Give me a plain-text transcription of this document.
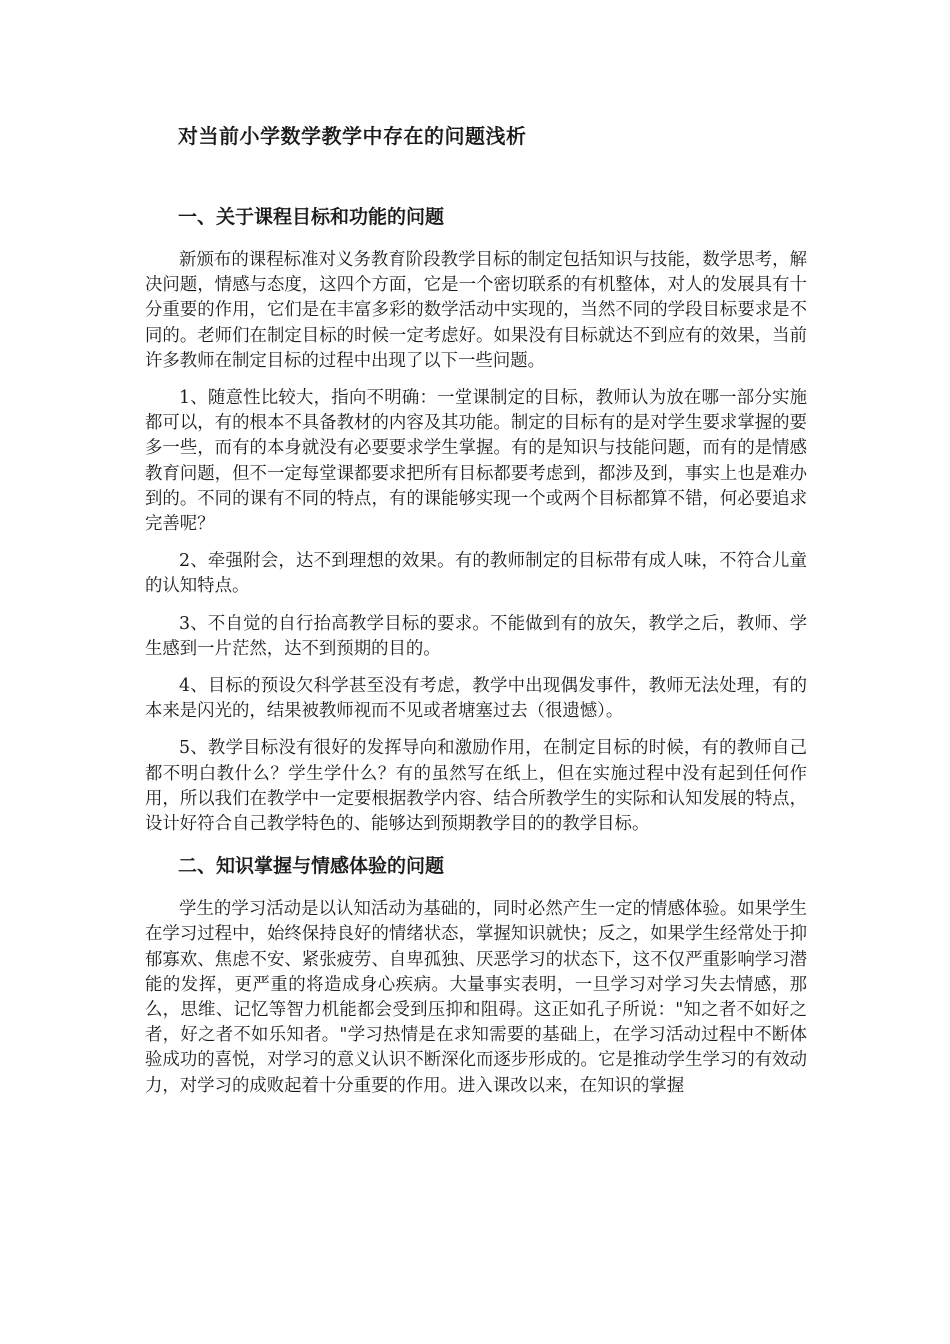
对当前小学数学教学中存在的问题浅析
一、关于课程目标和功能的问题

新颁布的课程标准对义务教育阶段教学目标的制定包括知识与技能，数学思考，解决问题，情感与态度，这四个方面，它是一个密切联系的有机整体，对人的发展具有十分重要的作用，它们是在丰富多彩的数学活动中实现的，当然不同的学段目标要求是不同的。老师们在制定目标的时候一定考虑好。如果没有目标就达不到应有的效果，当前许多教师在制定目标的过程中出现了以下一些问题。

1、随意性比较大，指向不明确：一堂课制定的目标，教师认为放在哪一部分实施都可以，有的根本不具备教材的内容及其功能。制定的目标有的是对学生要求掌握的要多一些，而有的本身就没有必要要求学生掌握。有的是知识与技能问题，而有的是情感教育问题，但不一定每堂课都要求把所有目标都要考虑到，都涉及到，事实上也是难办到的。不同的课有不同的特点，有的课能够实现一个或两个目标都算不错，何必要追求完善呢？

2、牵强附会，达不到理想的效果。有的教师制定的目标带有成人味，不符合儿童的认知特点。

3、不自觉的自行抬高教学目标的要求。不能做到有的放矢，教学之后，教师、学生感到一片茫然，达不到预期的目的。

4、目标的预设欠科学甚至没有考虑，教学中出现偶发事件，教师无法处理，有的本来是闪光的，结果被教师视而不见或者塘塞过去（很遗憾）。

5、教学目标没有很好的发挥导向和激励作用，在制定目标的时候，有的教师自己都不明白教什么？学生学什么？有的虽然写在纸上，但在实施过程中没有起到任何作用，所以我们在教学中一定要根据教学内容、结合所教学生的实际和认知发展的特点，设计好符合自己教学特色的、能够达到预期教学目的的教学目标。

二、知识掌握与情感体验的问题

学生的学习活动是以认知活动为基础的，同时必然产生一定的情感体验。如果学生在学习过程中，始终保持良好的情绪状态，掌握知识就快；反之，如果学生经常处于抑郁寡欢、焦虑不安、紧张疲劳、自卑孤独、厌恶学习的状态下，这不仅严重影响学习潜能的发挥，更严重的将造成身心疾病。大量事实表明，一旦学习对学习失去情感，那么，思维、记忆等智力机能都会受到压抑和阻碍。这正如孔子所说："知之者不如好之者，好之者不如乐知者。"学习热情是在求知需要的基础上，在学习活动过程中不断体验成功的喜悦，对学习的意义认识不断深化而逐步形成的。它是推动学生学习的有效动力，对学习的成败起着十分重要的作用。进入课改以来，在知识的掌握
